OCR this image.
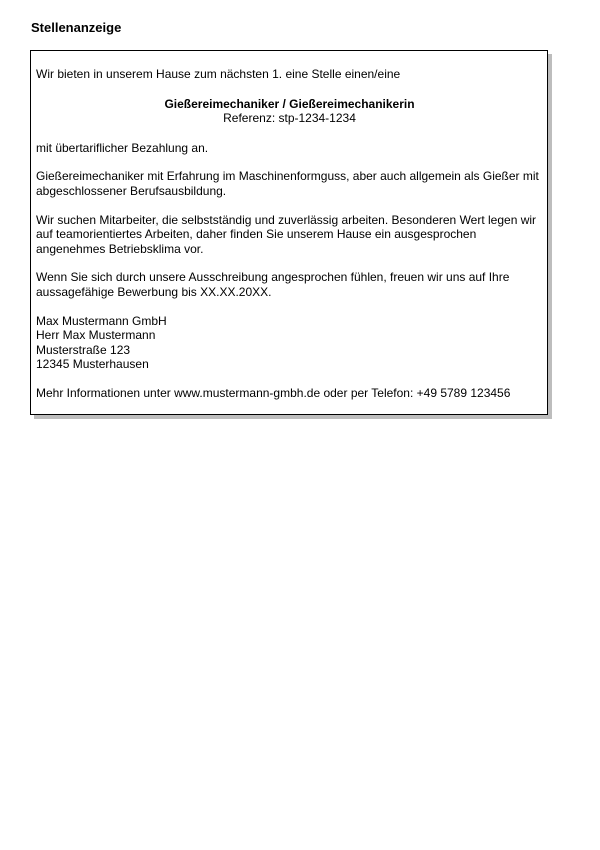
Stellenanzeige

Wir bieten in unserem Hause zum nächsten 1. eine Stelle einen/eine

Gießereimechaniker / Gießereimechanikerin
Referenz: stp-1234-1234

mit übertariflicher Bezahlung an.

Gießereimechaniker mit Erfahrung im Maschinenformguss, aber auch allgemein als Gießer mit abgeschlossener Berufsausbildung.

Wir suchen Mitarbeiter, die selbstständig und zuverlässig arbeiten. Besonderen Wert legen wir auf teamorientiertes Arbeiten, daher finden Sie unserem Hause ein ausgesprochen angenehmes Betriebsklima vor.

Wenn Sie sich durch unsere Ausschreibung angesprochen fühlen, freuen wir uns auf Ihre aussagefähige Bewerbung bis XX.XX.20XX.

Max Mustermann GmbH
Herr Max Mustermann
Musterstraße 123
12345 Musterhausen

Mehr Informationen unter www.mustermann-gmbh.de oder per Telefon: +49 5789 123456
